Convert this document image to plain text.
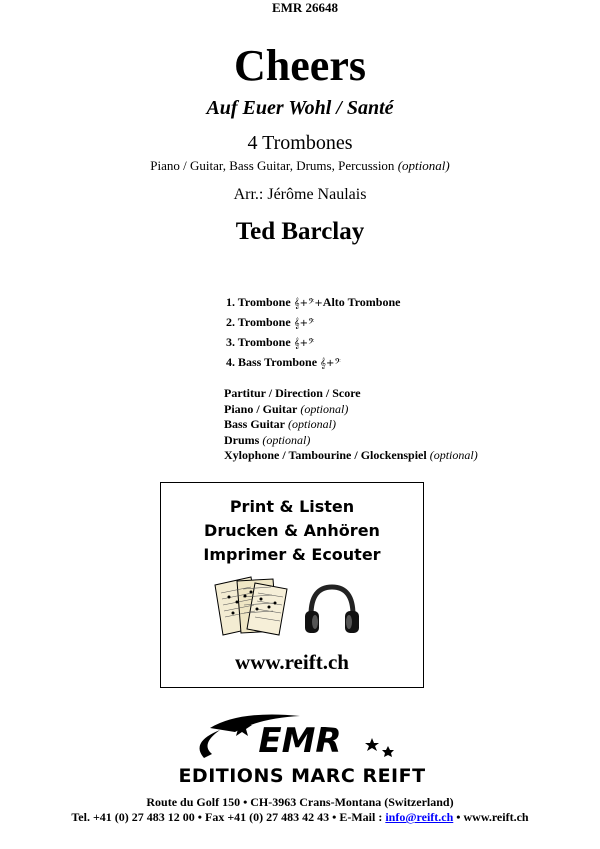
Cheers
Auf Euer Wohl / Santé
4 Trombones
Piano / Guitar, Bass Guitar, Drums, Percussion (optional)
Arr.: Jérôme Naulais
Ted Barclay
EMR 26648
1. Trombone 𝄞+𝄢+Alto Trombone
2. Trombone 𝄞+𝄢
3. Trombone 𝄞+𝄢
4. Bass Trombone 𝄞+𝄢
Partitur / Direction / Score
Piano / Guitar (optional)
Bass Guitar (optional)
Drums (optional)
Xylophone / Tambourine / Glockenspiel (optional)
Print & Listen
Drucken & Anhören
Imprimer & Ecouter
www.reift.ch
EMR
EDITIONS MARC REIFT
Route du Golf 150 • CH-3963 Crans-Montana (Switzerland)
Tel. +41 (0) 27 483 12 00 • Fax +41 (0) 27 483 42 43 • E-Mail : info@reift.ch • www.reift.ch
